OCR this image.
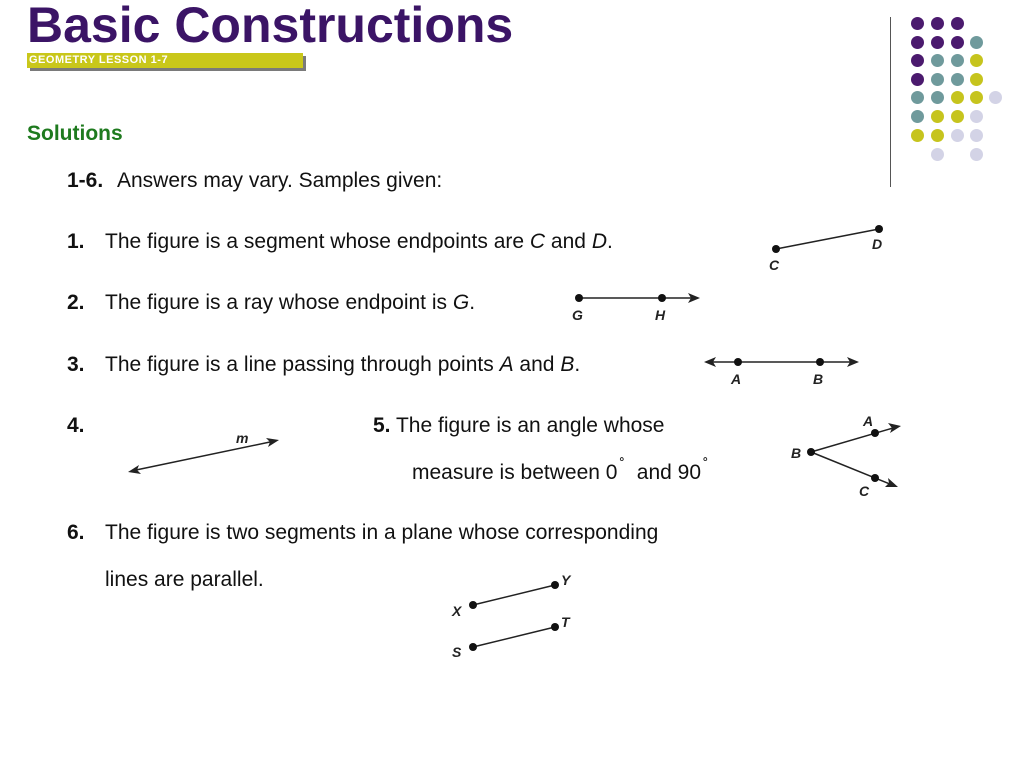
Basic Constructions
GEOMETRY LESSON 1-7
Solutions
1-6. Answers may vary. Samples given:
1. The figure is a segment whose endpoints are C and D.
2. The figure is a ray whose endpoint is G.
3. The figure is a line passing through points A and B.
4.	5. The figure is an angle whose
measure is between 0 ˚ and 90 ˚
6. The figure is two segments in a plane whose corresponding
lines are parallel.
C
D
G	H
A	B
m
B
A
C
X
Y
S
T
